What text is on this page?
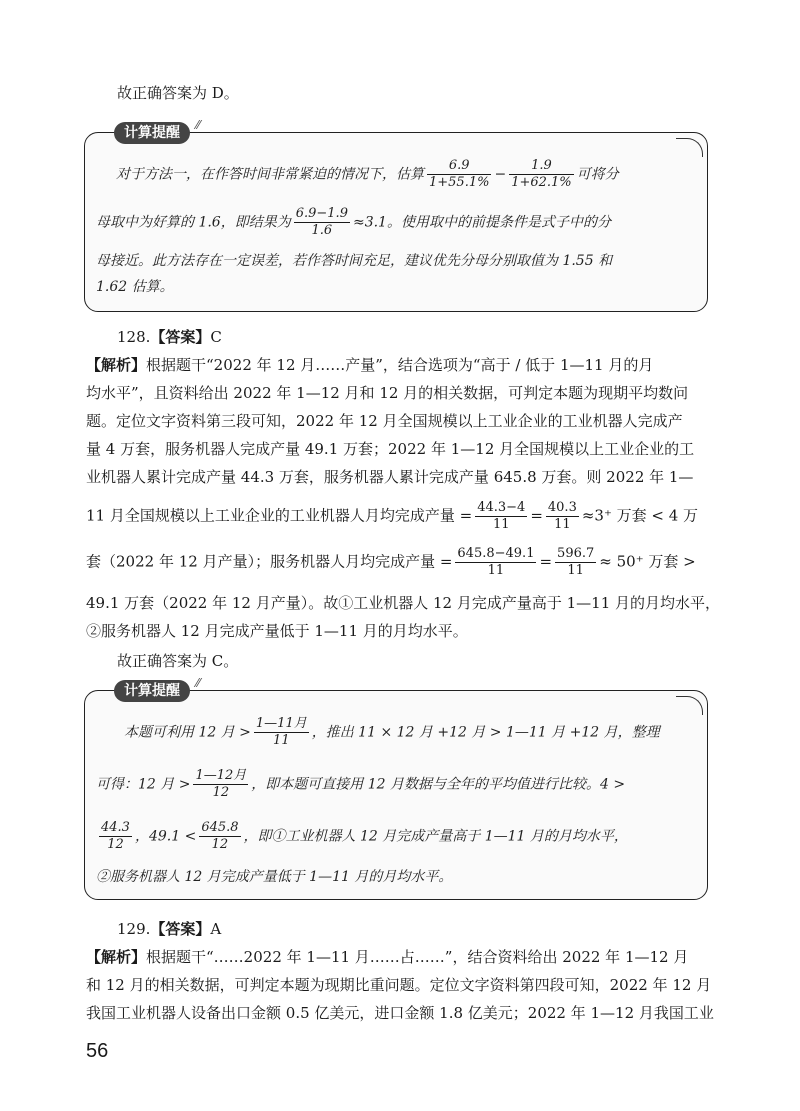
故正确答案为 D。
计算提醒	⁄⁄
对于方法一，在作答时间非常紧迫的情况下，估算 $\frac{6.9}{1+55.1\%} - \frac{1.9}{1+62.1\%}$ 可将分
母取中为好算的 1.6，即结果为 $\frac{6.9-1.9}{1.6} \approx 3.1$。使用取中的前提条件是式子中的分
母接近。此方法存在一定误差，若作答时间充足，建议优先分母分别取值为 1.55 和
1.62 估算。
128.【答案】C
【解析】根据题干“2022 年 12 月……产量”，结合选项为“高于 / 低于 1—11 月的月
均水平”，且资料给出 2022 年 1—12 月和 12 月的相关数据，可判定本题为现期平均数问
题。定位文字资料第三段可知，2022 年 12 月全国规模以上工业企业的工业机器人完成产
量 4 万套，服务机器人完成产量 49.1 万套；2022 年 1—12 月全国规模以上工业企业的工
业机器人累计完成产量 44.3 万套，服务机器人累计完成产量 645.8 万套。则 2022 年 1—
11 月全国规模以上工业企业的工业机器人月均完成产量 = $\frac{44.3-4}{11} = \frac{40.3}{11} \approx 3^+$ 万套 < 4 万
套（2022 年 12 月产量）；服务机器人月均完成产量 = $\frac{645.8-49.1}{11} = \frac{596.7}{11} \approx 50^+$ 万套 >
49.1 万套（2022 年 12 月产量）。故①工业机器人 12 月完成产量高于 1—11 月的月均水平，
②服务机器人 12 月完成产量低于 1—11 月的月均水平。
故正确答案为 C。
计算提醒	⁄⁄
本题可利用 12 月 > $\frac{\text{1—11月}}{11}$ ，推出 11 × 12 月 +12 月 > 1—11 月 +12 月，整理
可得：12 月 > $\frac{\text{1—12月}}{12}$ ，即本题可直接用 12 月数据与全年的平均值进行比较。4 >
$\frac{44.3}{12}$ ，$49.1 < \frac{645.8}{12}$ ，即①工业机器人 12 月完成产量高于 1—11 月的月均水平，
②服务机器人 12 月完成产量低于 1—11 月的月均水平。
129.【答案】A
【解析】根据题干“……2022 年 1—11 月……占……”，结合资料给出 2022 年 1—12 月
和 12 月的相关数据，可判定本题为现期比重问题。定位文字资料第四段可知，2022 年 12 月
我国工业机器人设备出口金额 0.5 亿美元，进口金额 1.8 亿美元；2022 年 1—12 月我国工业
56
